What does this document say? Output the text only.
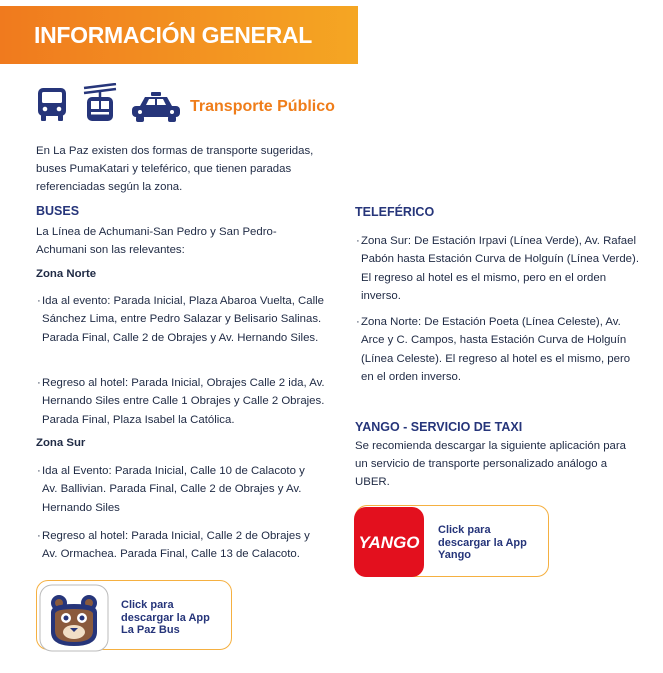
INFORMACIÓN GENERAL
Transporte Público
En La Paz existen dos formas de transporte sugeridas, buses PumaKatari y teleférico, que tienen paradas referenciadas según la zona.
BUSES
La Línea de Achumani-San Pedro y San Pedro-Achumani son las relevantes:
Zona Norte
· Ida al evento: Parada Inicial, Plaza Abaroa Vuelta, Calle Sánchez Lima, entre Pedro Salazar y Belisario Salinas. Parada Final, Calle 2 de Obrajes y Av. Hernando Siles.
· Regreso al hotel: Parada Inicial, Obrajes Calle 2 ida, Av. Hernando Siles entre Calle 1 Obrajes y Calle 2 Obrajes. Parada Final, Plaza Isabel la Católica.
Zona Sur
· Ida al Evento: Parada Inicial, Calle 10 de Calacoto y Av. Ballivian. Parada Final, Calle 2 de Obrajes y Av. Hernando Siles
· Regreso al hotel: Parada Inicial, Calle 2 de Obrajes y Av. Ormachea. Parada Final, Calle 13 de Calacoto.
Click para descargar la App La Paz Bus
TELEFÉRICO
· Zona Sur: De Estación Irpavi (Línea Verde), Av. Rafael Pabón hasta Estación Curva de Holguín (Línea Verde). El regreso al hotel es el mismo, pero en el orden inverso.
· Zona Norte: De Estación Poeta (Línea Celeste), Av. Arce y C. Campos, hasta Estación Curva de Holguín (Línea Celeste). El regreso al hotel es el mismo, pero en el orden inverso.
YANGO - SERVICIO DE TAXI
Se recomienda descargar la siguiente aplicación para un servicio de transporte personalizado análogo a UBER.
YANGO
Click para descargar la App Yango
